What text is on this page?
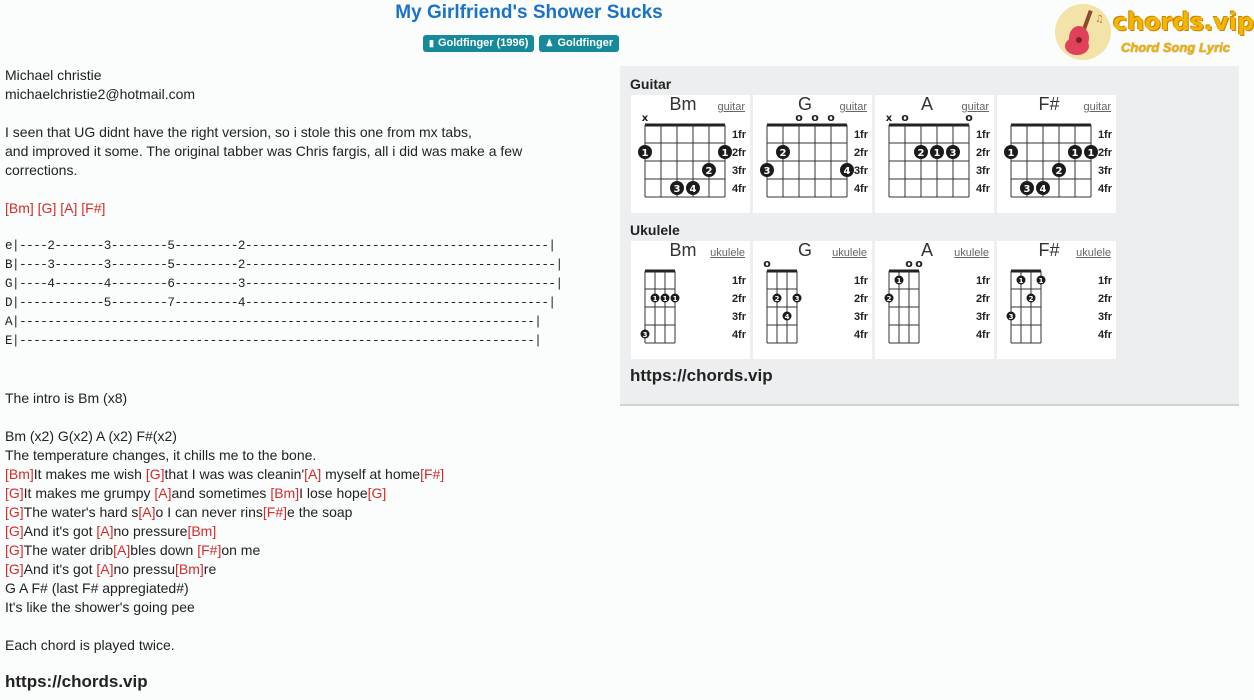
My Girlfriend's Shower Sucks
▮ Goldfinger (1996) ♟ Goldfinger
♫ chords.vip
Chord Song Lyric
Michael christie
michaelchristie2@hotmail.com
I seen that UG didnt have the right version, so i stole this one from mx tabs,
and improved it some. The original tabber was Chris fargis, all i did was make a few
corrections.
[Bm] [G] [A] [F#]
e|----2-------3--------5---------2-------------------------------------------|
B|----3-------3--------5---------2--------------------------------------------|
G|----4-------4--------6---------3--------------------------------------------|
D|------------5--------7---------4-------------------------------------------|
A|-------------------------------------------------------------------------|
E|-------------------------------------------------------------------------|
The intro is Bm (x8)
Bm (x2) G(x2) A (x2) F#(x2)
The temperature changes, it chills me to the bone.
[Bm]It makes me wish [G]that I was was cleanin'[A] myself at home[F#]
[G]It makes me grumpy [A]and sometimes [Bm]I lose hope[G]
[G]The water's hard s[A]o I can never rins[F#]e the soap
[G]And it's got [A]no pressure[Bm]
[G]The water drib[A]bles down [F#]on me
[G]And it's got [A]no pressu[Bm]re
G A F# (last F# appregiated#)
It's like the shower's going pee
Each chord is played twice.
https://chords.vip
Guitar
1fr
2fr
3fr
4fr
x
1	1
2
3 4
Bm	guitar
1fr
2fr
3fr
4fr
o o o
2
3	4
G	guitar
1fr
2fr
3fr
4fr
x o	o
2 1 3
A	guitar
1fr
2fr
3fr
4fr
1	1 1
2
3 4
F#	guitar
Ukulele
1fr
2fr
3fr
4fr
1 1 1
3
Bm	ukulele
1fr
2fr
3fr
4fr
o
2 3
4
G	ukulele
1fr
2fr
3fr
4fr
o o
1
2
A	ukulele
1fr
2fr
3fr
4fr
1 1
2
3
F#	ukulele
https://chords.vip
